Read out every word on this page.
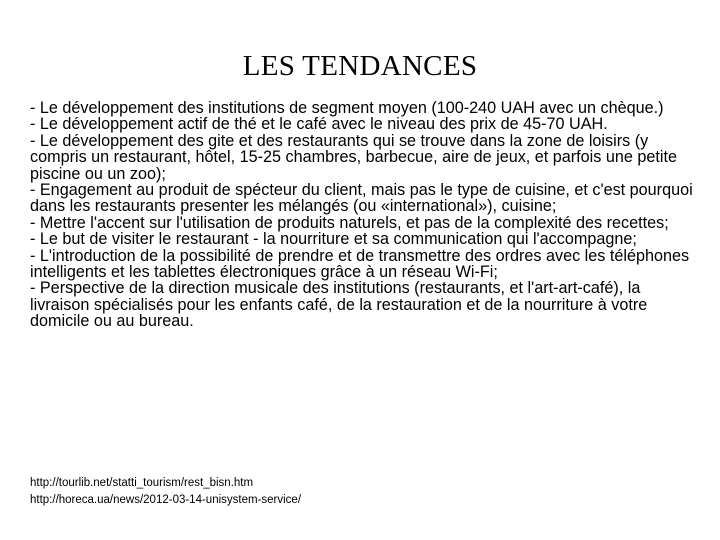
LES TENDANCES
- Le développement des institutions de segment moyen (100-240 UAH avec un chèque.)
- Le développement actif de thé et le café avec le niveau des prix de 45-70 UAH.
- Le développement des gite et des restaurants qui se trouve dans la zone de loisirs (y compris un restaurant, hôtel, 15-25 chambres, barbecue, aire de jeux, et parfois une petite piscine ou un zoo);
- Engagement au produit de spécteur du client, mais pas le type de cuisine, et c'est pourquoi dans les restaurants presenter les mélangés (ou «international»), cuisine;
- Mettre l'accent sur l'utilisation de produits naturels, et pas de la complexité des recettes;
- Le but de visiter le restaurant - la nourriture et sa communication qui l'accompagne;
- L'introduction de la possibilité de prendre et de transmettre des ordres avec les téléphones intelligents et les tablettes électroniques grâce à un réseau Wi-Fi;
- Perspective de la direction musicale des institutions (restaurants, et l'art-art-café), la livraison spécialisés pour les enfants café, de la restauration et de la nourriture à votre domicile ou au bureau.
http://tourlib.net/statti_tourism/rest_bisn.htm
http://horeca.ua/news/2012-03-14-unisystem-service/
